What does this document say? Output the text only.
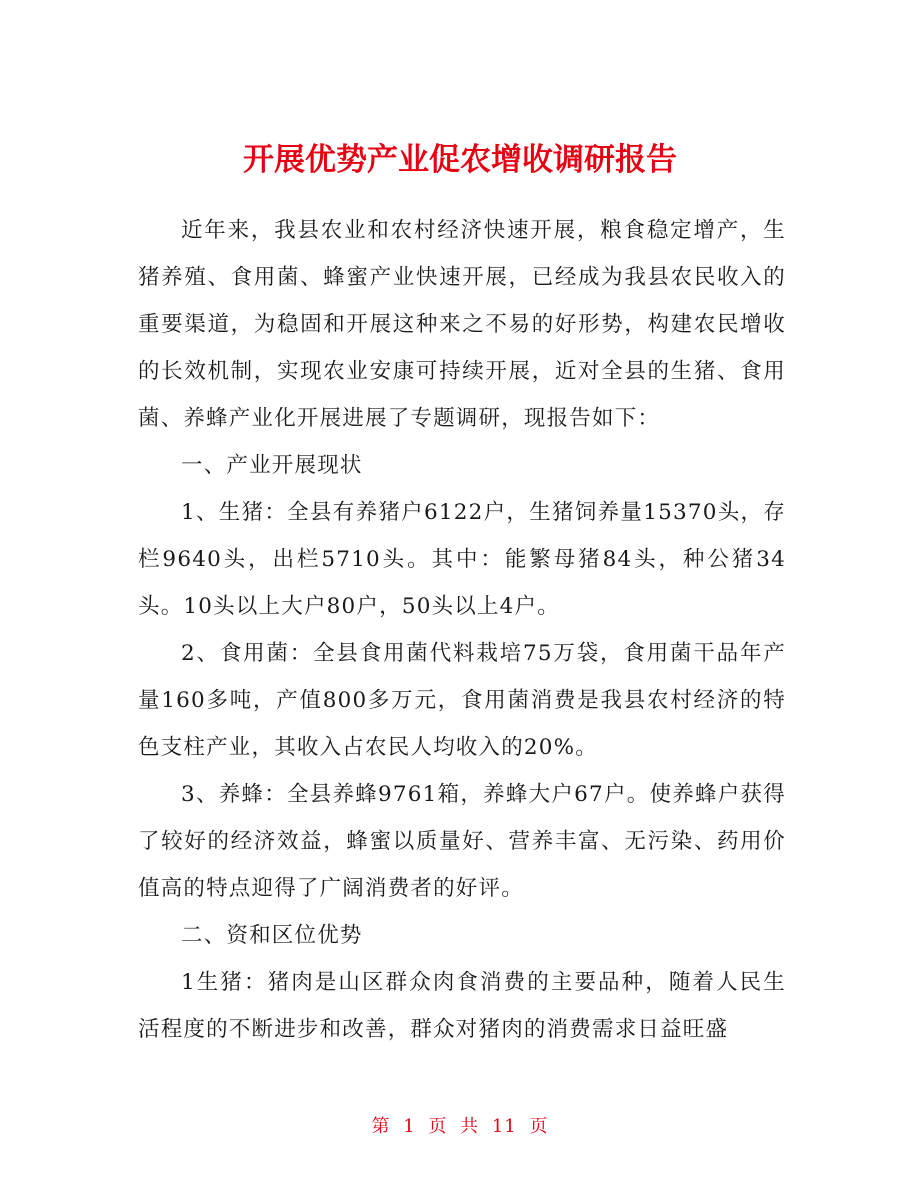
开展优势产业促农增收调研报告

近年来，我县农业和农村经济快速开展，粮食稳定增产，生猪养殖、食用菌、蜂蜜产业快速开展，已经成为我县农民收入的重要渠道，为稳固和开展这种来之不易的好形势，构建农民增收的长效机制，实现农业安康可持续开展，近对全县的生猪、食用菌、养蜂产业化开展进展了专题调研，现报告如下：

一、产业开展现状

1、生猪：全县有养猪户6122户，生猪饲养量15370头，存栏9640头，出栏5710头。其中：能繁母猪84头，种公猪34头。10头以上大户80户，50头以上4户。

2、食用菌：全县食用菌代料栽培75万袋，食用菌干品年产量160多吨，产值800多万元，食用菌消费是我县农村经济的特色支柱产业，其收入占农民人均收入的20%。

3、养蜂：全县养蜂9761箱，养蜂大户67户。使养蜂户获得了较好的经济效益，蜂蜜以质量好、营养丰富、无污染、药用价值高的特点迎得了广阔消费者的好评。

二、资和区位优势

1生猪：猪肉是山区群众肉食消费的主要品种，随着人民生活程度的不断进步和改善，群众对猪肉的消费需求日益旺盛

第 1 页 共 11 页
